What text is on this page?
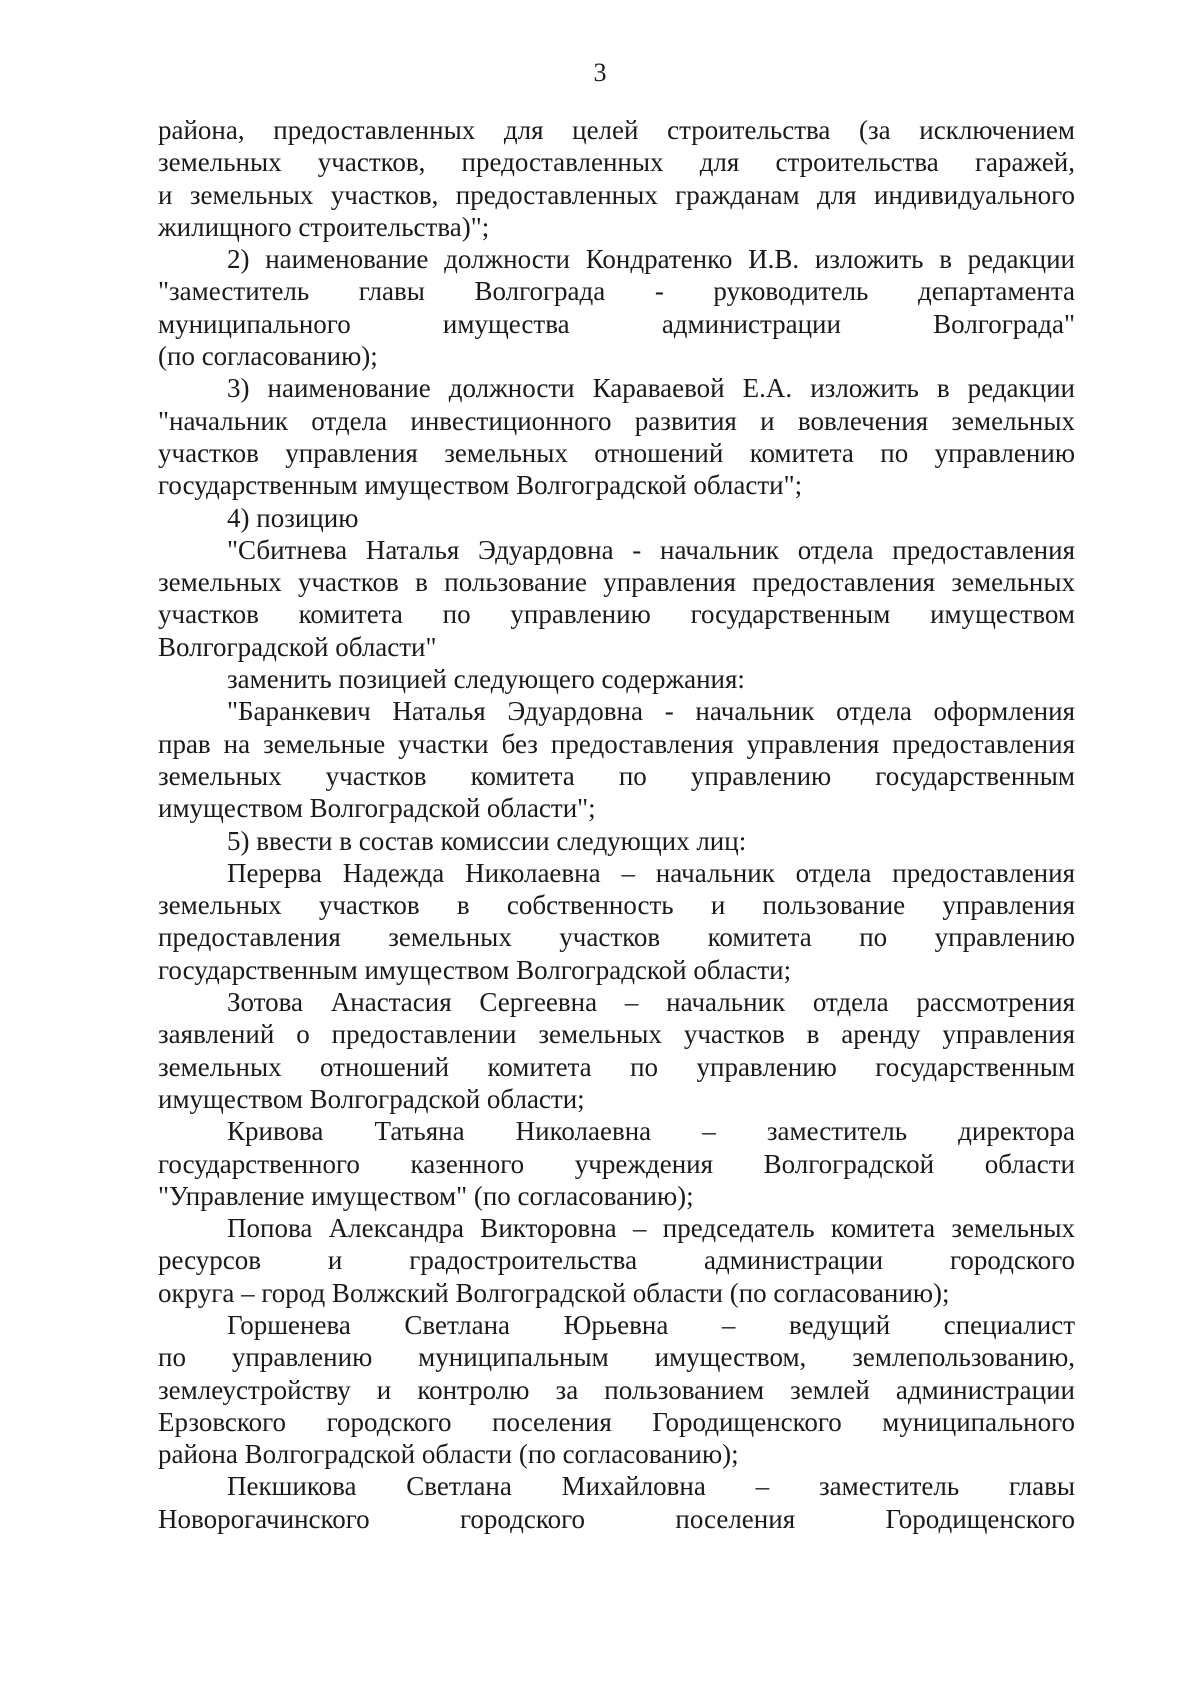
3
района, предоставленных для целей строительства (за исключением
земельных участков, предоставленных для строительства гаражей,
и земельных участков, предоставленных гражданам для индивидуального
жилищного строительства)";
2) наименование должности Кондратенко И.В. изложить в редакции
"заместитель главы Волгограда - руководитель департамента
муниципального имущества администрации Волгограда"
(по согласованию);
3) наименование должности Караваевой Е.А. изложить в редакции
"начальник отдела инвестиционного развития и вовлечения земельных
участков управления земельных отношений комитета по управлению
государственным имуществом Волгоградской области";
4) позицию
"Сбитнева Наталья Эдуардовна - начальник отдела предоставления
земельных участков в пользование управления предоставления земельных
участков комитета по управлению государственным имуществом
Волгоградской области"
заменить позицией следующего содержания:
"Баранкевич Наталья Эдуардовна - начальник отдела оформления
прав на земельные участки без предоставления управления предоставления
земельных участков комитета по управлению государственным
имуществом Волгоградской области";
5) ввести в состав комиссии следующих лиц:
Перерва Надежда Николаевна – начальник отдела предоставления
земельных участков в собственность и пользование управления
предоставления земельных участков комитета по управлению
государственным имуществом Волгоградской области;
Зотова Анастасия Сергеевна – начальник отдела рассмотрения
заявлений о предоставлении земельных участков в аренду управления
земельных отношений комитета по управлению государственным
имуществом Волгоградской области;
Кривова Татьяна Николаевна – заместитель директора
государственного казенного учреждения Волгоградской области
"Управление имуществом" (по согласованию);
Попова Александра Викторовна – председатель комитета земельных
ресурсов и градостроительства администрации городского
округа – город Волжский Волгоградской области (по согласованию);
Горшенева Светлана Юрьевна – ведущий специалист
по управлению муниципальным имуществом, землепользованию,
землеустройству и контролю за пользованием землей администрации
Ерзовского городского поселения Городищенского муниципального
района Волгоградской области (по согласованию);
Пекшикова Светлана Михайловна – заместитель главы
Новорогачинского городского поселения Городищенского
